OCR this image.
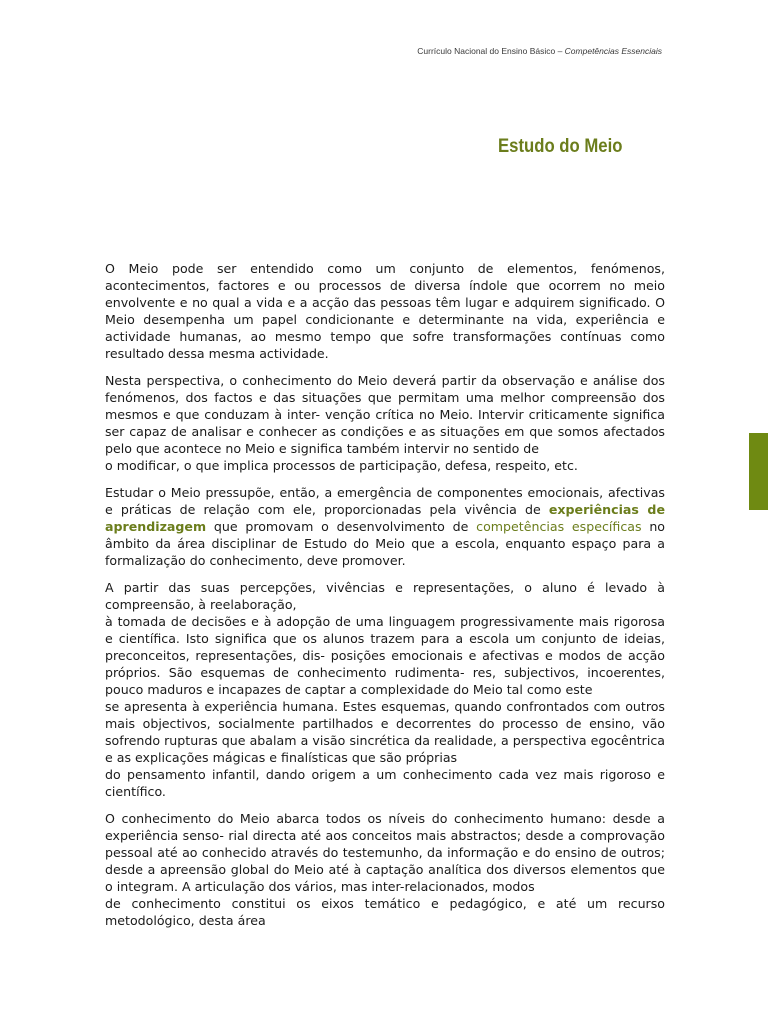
Currículo Nacional do Ensino Básico – Competências Essenciais
Estudo do Meio

O Meio pode ser entendido como um conjunto de elementos, fenómenos, acontecimentos, factores e ou processos de diversa índole que ocorrem no meio envolvente e no qual a vida e a acção das pessoas têm lugar e adquirem significado. O Meio desempenha um papel condicionante e determinante na vida, experiência e actividade humanas, ao mesmo tempo que sofre transformações contínuas como resultado dessa mesma actividade.

Nesta perspectiva, o conhecimento do Meio deverá partir da observação e análise dos fenómenos, dos factos e das situações que permitam uma melhor compreensão dos mesmos e que conduzam à inter- venção crítica no Meio. Intervir criticamente significa ser capaz de analisar e conhecer as condições e as situações em que somos afectados pelo que acontece no Meio e significa também intervir no sentido de
o modificar, o que implica processos de participação, defesa, respeito, etc.

Estudar o Meio pressupõe, então, a emergência de componentes emocionais, afectivas e práticas de relação com ele, proporcionadas pela vivência de experiências de aprendizagem que promovam o desenvolvimento de competências específicas no âmbito da área disciplinar de Estudo do Meio que a escola, enquanto espaço para a formalização do conhecimento, deve promover.

A partir das suas percepções, vivências e representações, o aluno é levado à compreensão, à reelaboração,
à tomada de decisões e à adopção de uma linguagem progressivamente mais rigorosa e científica. Isto significa que os alunos trazem para a escola um conjunto de ideias, preconceitos, representações, dis- posições emocionais e afectivas e modos de acção próprios. São esquemas de conhecimento rudimenta- res, subjectivos, incoerentes, pouco maduros e incapazes de captar a complexidade do Meio tal como este
se apresenta à experiência humana. Estes esquemas, quando confrontados com outros mais objectivos, socialmente partilhados e decorrentes do processo de ensino, vão sofrendo rupturas que abalam a visão sincrética da realidade, a perspectiva egocêntrica e as explicações mágicas e finalísticas que são próprias
do pensamento infantil, dando origem a um conhecimento cada vez mais rigoroso e científico.

O conhecimento do Meio abarca todos os níveis do conhecimento humano: desde a experiência senso- rial directa até aos conceitos mais abstractos; desde a comprovação pessoal até ao conhecido através do testemunho, da informação e do ensino de outros; desde a apreensão global do Meio até à captação analítica dos diversos elementos que o integram. A articulação dos vários, mas inter-relacionados, modos
de conhecimento constitui os eixos temático e pedagógico, e até um recurso metodológico, desta área
